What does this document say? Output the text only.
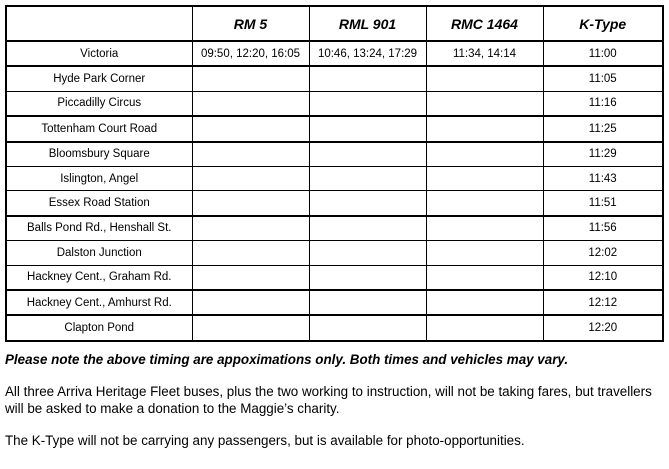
	RM 5	RML 901	RMC 1464	K-Type
Victoria	09:50, 12:20, 16:05	10:46, 13:24, 17:29	11:34, 14:14	11:00
Hyde Park Corner				11:05
Piccadilly Circus				11:16
Tottenham Court Road				11:25
Bloomsbury Square				11:29
Islington, Angel				11:43
Essex Road Station				11:51
Balls Pond Rd., Henshall St.				11:56
Dalston Junction				12:02
Hackney Cent., Graham Rd.				12:10
Hackney Cent., Amhurst Rd.				12:12
Clapton Pond				12:20

Please note the above timing are appoximations only. Both times and vehicles may vary.

All three Arriva Heritage Fleet buses, plus the two working to instruction, will not be taking fares, but travellers will be asked to make a donation to the Maggie’s charity.

The K-Type will not be carrying any passengers, but is available for photo-opportunities.
